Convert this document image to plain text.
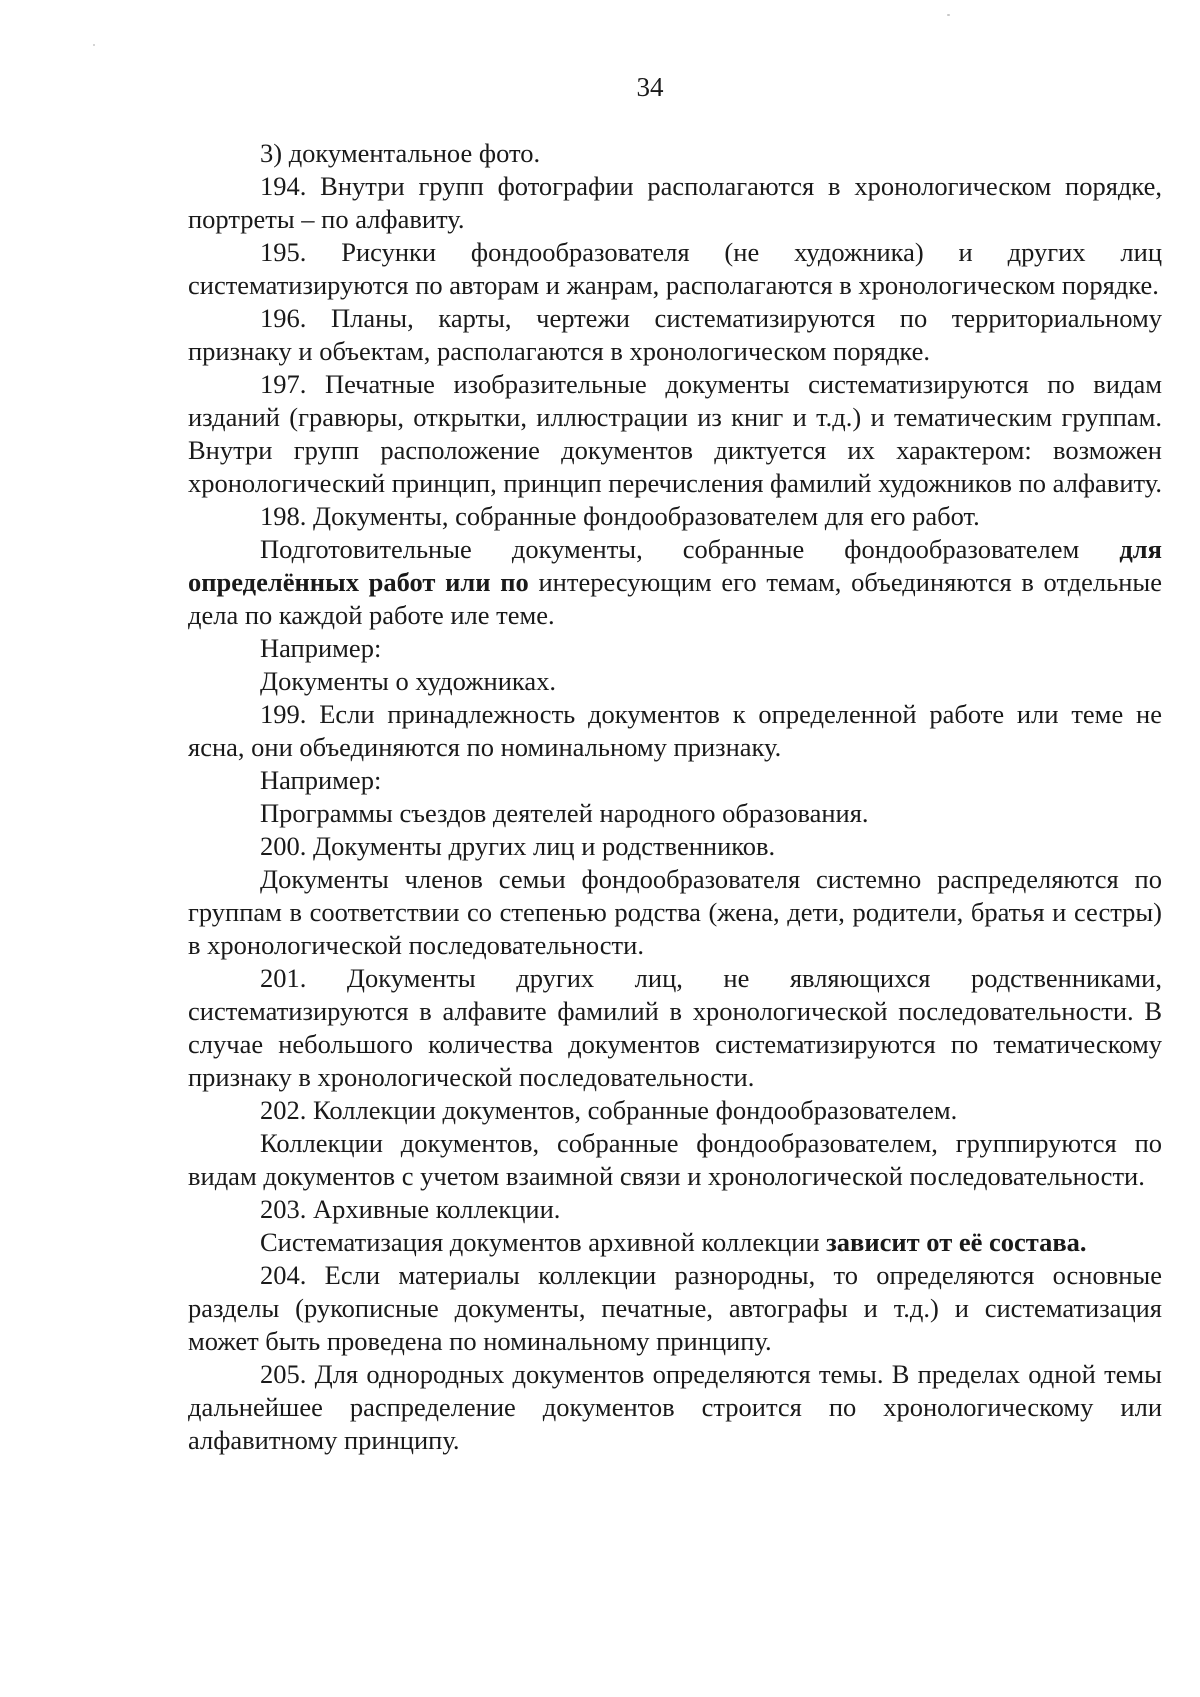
34

3) документальное фото.

194. Внутри групп фотографии располагаются в хронологическом порядке, портреты – по алфавиту.

195. Рисунки фондообразователя (не художника) и других лиц систематизируются по авторам и жанрам, располагаются в хронологическом порядке.

196. Планы, карты, чертежи систематизируются по территориальному признаку и объектам, располагаются в хронологическом порядке.

197. Печатные изобразительные документы систематизируются по видам изданий (гравюры, открытки, иллюстрации из книг и т.д.) и тематическим группам. Внутри групп расположение документов диктуется их характером: возможен хронологический принцип, принцип перечисления фамилий художников по алфавиту.

198. Документы, собранные фондообразователем для его работ.

Подготовительные документы, собранные фондообразователем для определённых работ или по интересующим его темам, объединяются в отдельные дела по каждой работе иле теме.

Например:

Документы о художниках.

199. Если принадлежность документов к определенной работе или теме не ясна, они объединяются по номинальному признаку.

Например:

Программы съездов деятелей народного образования.

200. Документы других лиц и родственников.

Документы членов семьи фондообразователя системно распределяются по группам в соответствии со степенью родства (жена, дети, родители, братья и сестры) в хронологической последовательности.

201. Документы других лиц, не являющихся родственниками, систематизируются в алфавите фамилий в хронологической последовательности. В случае небольшого количества документов систематизируются по тематическому признаку в хронологической последовательности.

202. Коллекции документов, собранные фондообразователем.

Коллекции документов, собранные фондообразователем, группируются по видам документов с учетом взаимной связи и хронологической последовательности.

203. Архивные коллекции.

Систематизация документов архивной коллекции зависит от её состава.

204. Если материалы коллекции разнородны, то определяются основные разделы (рукописные документы, печатные, автографы и т.д.) и систематизация может быть проведена по номинальному принципу.

205. Для однородных документов определяются темы. В пределах одной темы дальнейшее распределение документов строится по хронологическому или алфавитному принципу.
